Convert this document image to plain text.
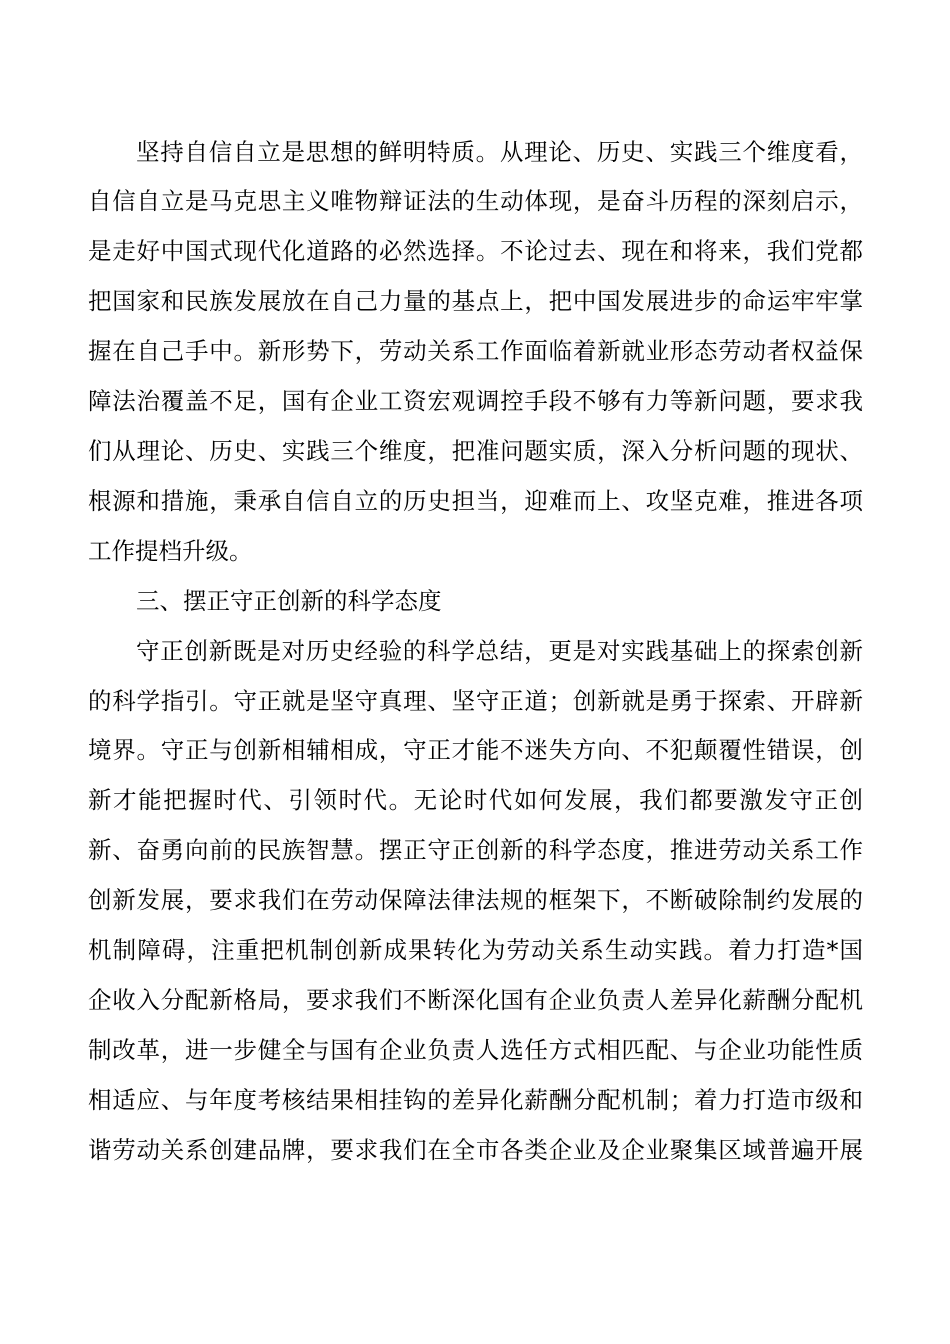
坚持自信自立是思想的鲜明特质。从理论、历史、实践三个维度看，
自信自立是马克思主义唯物辩证法的生动体现，是奋斗历程的深刻启示，
是走好中国式现代化道路的必然选择。不论过去、现在和将来，我们党都
把国家和民族发展放在自己力量的基点上，把中国发展进步的命运牢牢掌
握在自己手中。新形势下，劳动关系工作面临着新就业形态劳动者权益保
障法治覆盖不足，国有企业工资宏观调控手段不够有力等新问题，要求我
们从理论、历史、实践三个维度，把准问题实质，深入分析问题的现状、
根源和措施，秉承自信自立的历史担当，迎难而上、攻坚克难，推进各项
工作提档升级。
三、摆正守正创新的科学态度
守正创新既是对历史经验的科学总结，更是对实践基础上的探索创新
的科学指引。守正就是坚守真理、坚守正道；创新就是勇于探索、开辟新
境界。守正与创新相辅相成，守正才能不迷失方向、不犯颠覆性错误，创
新才能把握时代、引领时代。无论时代如何发展，我们都要激发守正创
新、奋勇向前的民族智慧。摆正守正创新的科学态度，推进劳动关系工作
创新发展，要求我们在劳动保障法律法规的框架下，不断破除制约发展的
机制障碍，注重把机制创新成果转化为劳动关系生动实践。着力打造*国
企收入分配新格局，要求我们不断深化国有企业负责人差异化薪酬分配机
制改革，进一步健全与国有企业负责人选任方式相匹配、与企业功能性质
相适应、与年度考核结果相挂钩的差异化薪酬分配机制；着力打造市级和
谐劳动关系创建品牌，要求我们在全市各类企业及企业聚集区域普遍开展
